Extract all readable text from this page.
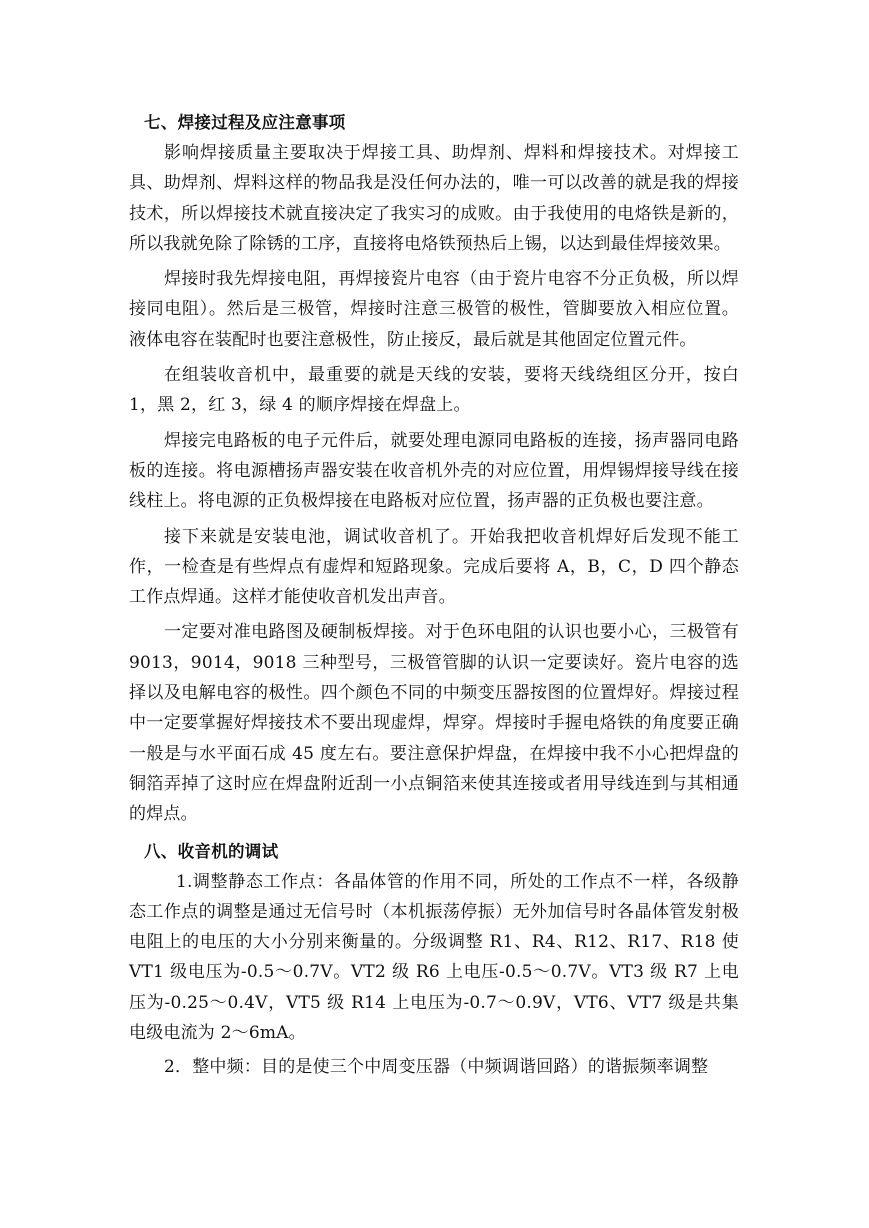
七、焊接过程及应注意事项

影响焊接质量主要取决于焊接工具、助焊剂、焊料和焊接技术。对焊接工具、助焊剂、焊料这样的物品我是没任何办法的，唯一可以改善的就是我的焊接技术，所以焊接技术就直接决定了我实习的成败。由于我使用的电烙铁是新的，所以我就免除了除锈的工序，直接将电烙铁预热后上锡，以达到最佳焊接效果。

焊接时我先焊接电阻，再焊接瓷片电容（由于瓷片电容不分正负极，所以焊接同电阻）。然后是三极管，焊接时注意三极管的极性，管脚要放入相应位置。液体电容在装配时也要注意极性，防止接反，最后就是其他固定位置元件。

在组装收音机中，最重要的就是天线的安装，要将天线绕组区分开，按白 1，黑 2，红 3，绿 4 的顺序焊接在焊盘上。

焊接完电路板的电子元件后，就要处理电源同电路板的连接，扬声器同电路板的连接。将电源槽扬声器安装在收音机外壳的对应位置，用焊锡焊接导线在接线柱上。将电源的正负极焊接在电路板对应位置，扬声器的正负极也要注意。

接下来就是安装电池，调试收音机了。开始我把收音机焊好后发现不能工作，一检查是有些焊点有虚焊和短路现象。完成后要将 A，B，C，D 四个静态工作点焊通。这样才能使收音机发出声音。

一定要对准电路图及硬制板焊接。对于色环电阻的认识也要小心，三极管有 9013，9014，9018 三种型号，三极管管脚的认识一定要读好。瓷片电容的选择以及电解电容的极性。四个颜色不同的中频变压器按图的位置焊好。焊接过程中一定要掌握好焊接技术不要出现虚焊，焊穿。焊接时手握电烙铁的角度要正确一般是与水平面石成 45 度左右。要注意保护焊盘，在焊接中我不小心把焊盘的铜箔弄掉了这时应在焊盘附近刮一小点铜箔来使其连接或者用导线连到与其相通的焊点。

八、收音机的调试

1.调整静态工作点：各晶体管的作用不同，所处的工作点不一样，各级静态工作点的调整是通过无信号时（本机振荡停振）无外加信号时各晶体管发射极电阻上的电压的大小分别来衡量的。分级调整 R1、R4、R12、R17、R18 使 VT1 级电压为-0.5～0.7V。VT2 级 R6 上电压-0.5～0.7V。VT3 级 R7 上电压为-0.25～0.4V，VT5 级 R14 上电压为-0.7～0.9V，VT6、VT7 级是共集电级电流为 2～6mA。

2．整中频：目的是使三个中周变压器（中频调谐回路）的谐振频率调整
